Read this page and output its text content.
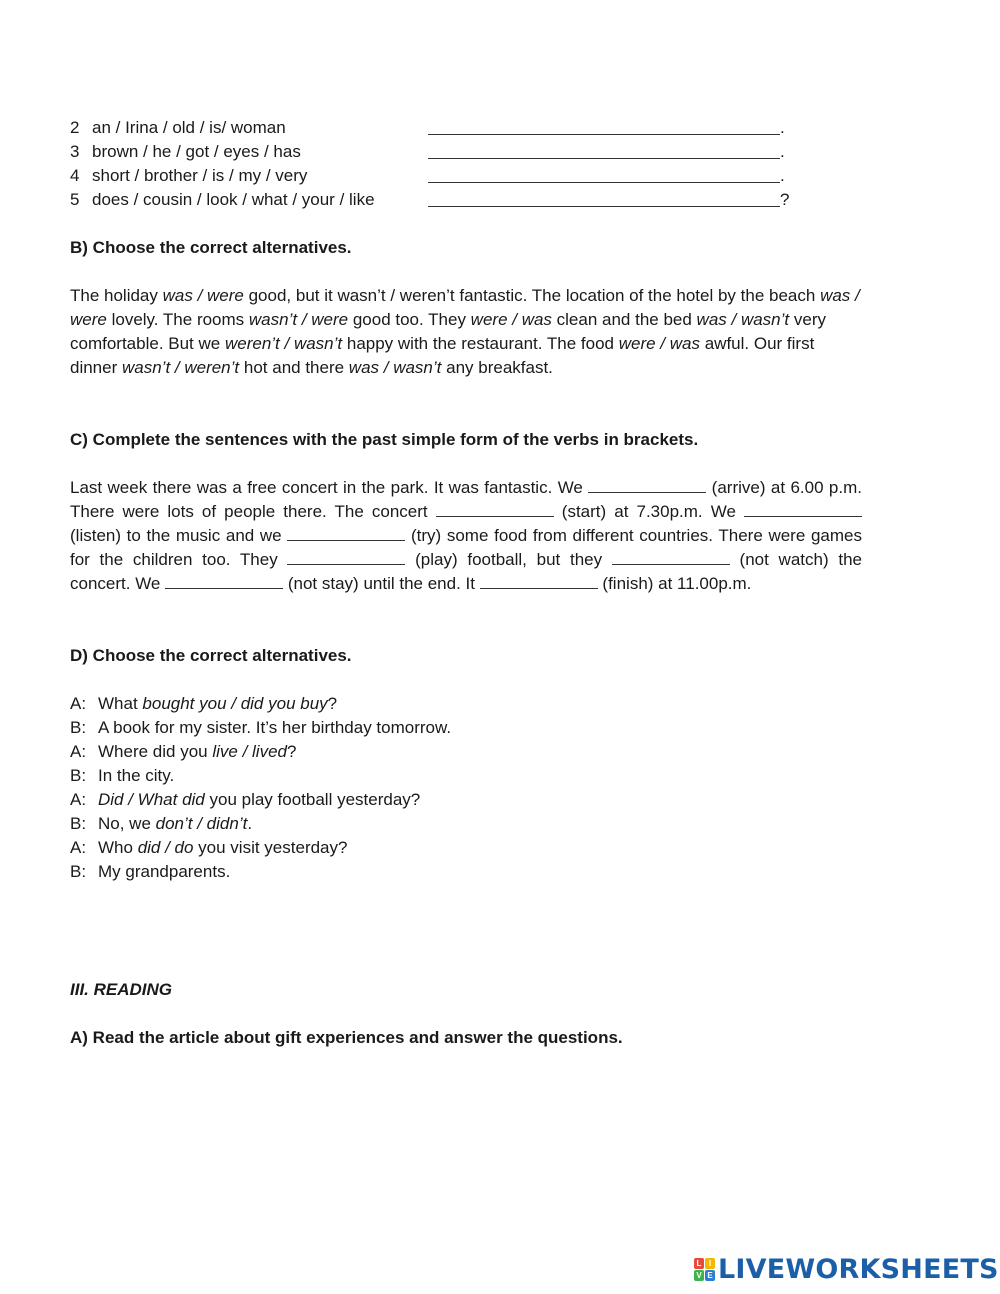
2 an / Irina / old / is/ woman	.
3 brown / he / got / eyes / has	.
4 short / brother / is / my / very	.
5 does / cousin / look / what / your / like	?
B) Choose the correct alternatives.
The holiday was / were good, but it wasn’t / weren’t fantastic. The location of the hotel by the beach was / were lovely. The rooms wasn’t / were good too. They were / was clean and the bed was / wasn’t very comfortable. But we weren’t / wasn’t happy with the restaurant. The food were / was awful. Our first dinner wasn’t / weren’t hot and there was / wasn’t any breakfast.
C) Complete the sentences with the past simple form of the verbs in brackets.
Last week there was a free concert in the park. It was fantastic. We	(arrive) at 6.00 p.m. There were lots of people there. The concert	(start) at 7.30p.m. We  (listen) to the music and we	(try) some food from different countries. There were games for the children too. They	(play) football, but they	(not watch) the concert. We	(not stay) until the end. It	(finish) at 11.00p.m.
D) Choose the correct alternatives.
A: What bought you / did you buy?
B: A book for my sister. It’s her birthday tomorrow.
A: Where did you live / lived?
B: In the city.
A: Did / What did you play football yesterday?
B: No, we don’t / didn’t.
A: Who did / do you visit yesterday?
B: My grandparents.
III. READING
A) Read the article about gift experiences and answer the questions.
L I
V E LIVEWORKSHEETS
